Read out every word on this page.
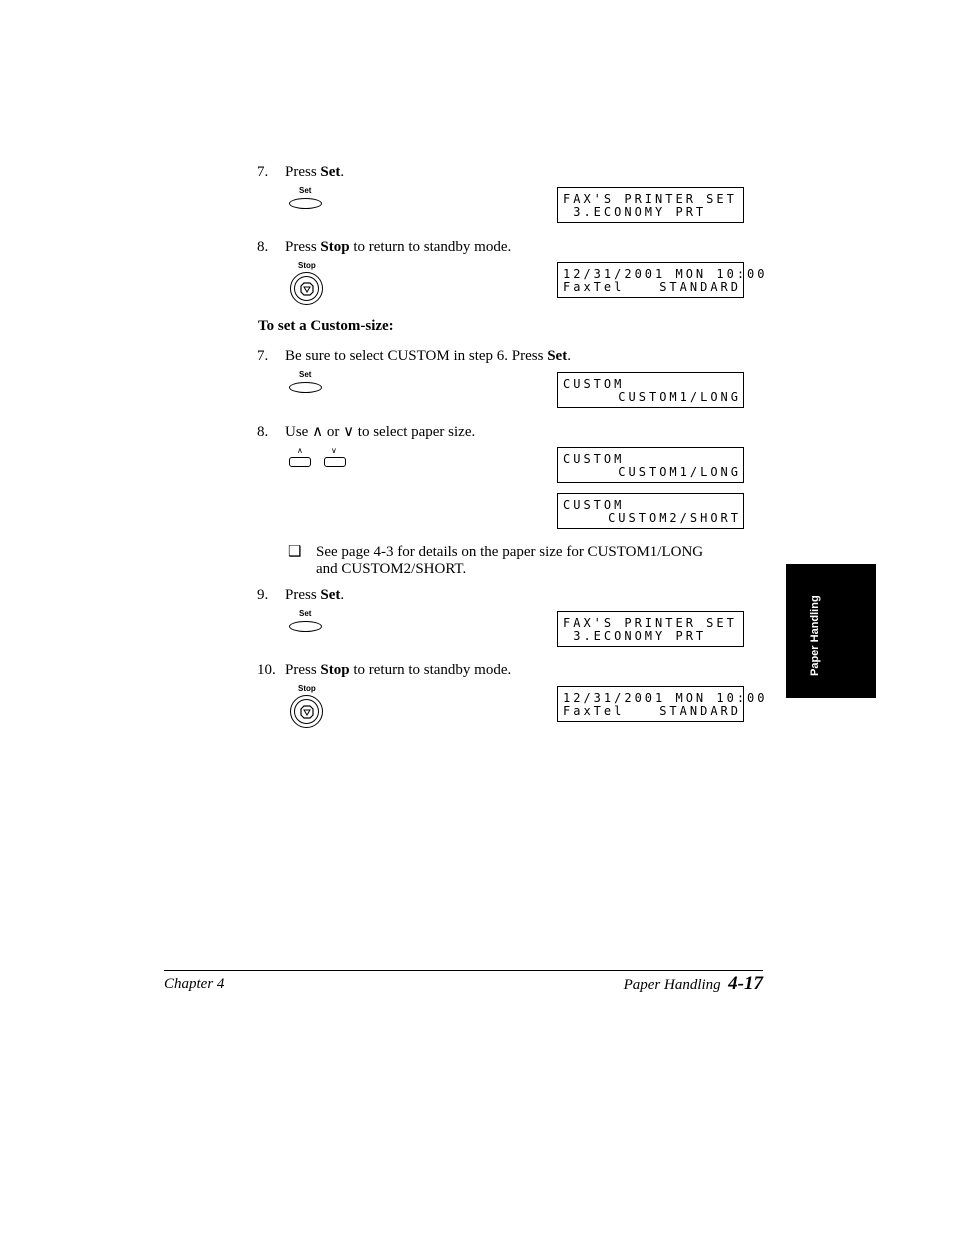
7. Press Set.
Set
FAX'S PRINTER SET
3.ECONOMY PRT
8. Press Stop to return to standby mode.
Stop
12/31/2001 MON 10:00
FaxTel	STANDARD
To set a Custom-size:
7. Be sure to select CUSTOM in step 6. Press Set.
Set
CUSTOM
CUSTOM1/LONG
8. Use ∧ or ∨ to select paper size.
∧	∨
CUSTOM
CUSTOM1/LONG
CUSTOM
CUSTOM2/SHORT
❑ See page 4-3 for details on the paper size for CUSTOM1/LONG
and CUSTOM2/SHORT.
9. Press Set.
Set
FAX'S PRINTER SET
3.ECONOMY PRT
10. Press Stop to return to standby mode.
Stop
12/31/2001 MON 10:00
FaxTel	STANDARD
Paper Handling
Chapter 4	Paper Handling 4-17
